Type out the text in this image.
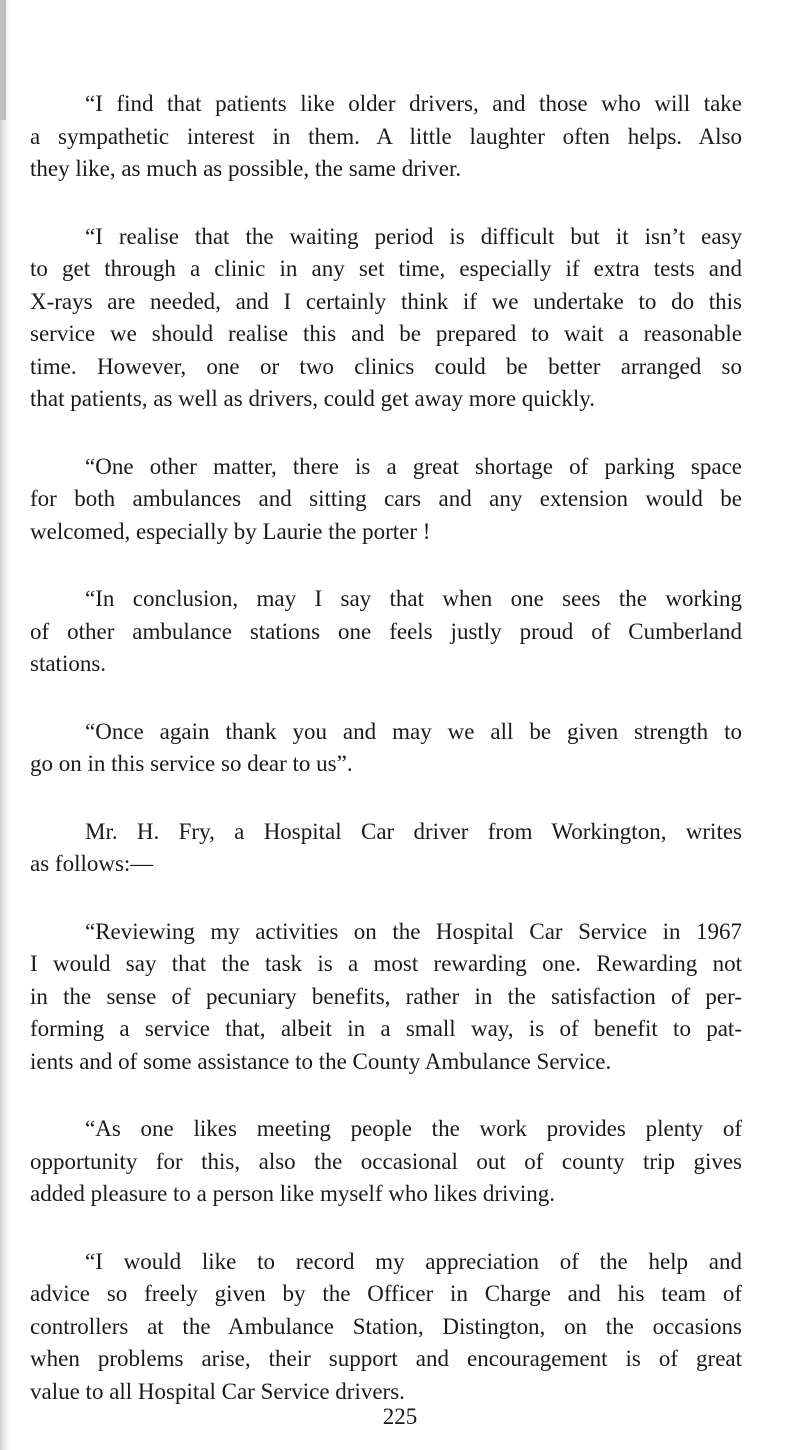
“I find that patients like older drivers, and those who will take
a sympathetic interest in them. A little laughter often helps. Also
they like, as much as possible, the same driver.

“I realise that the waiting period is difficult but it isn’t easy
to get through a clinic in any set time, especially if extra tests and
X-rays are needed, and I certainly think if we undertake to do this
service we should realise this and be prepared to wait a reasonable
time. However, one or two clinics could be better arranged so
that patients, as well as drivers, could get away more quickly.

“One other matter, there is a great shortage of parking space
for both ambulances and sitting cars and any extension would be
welcomed, especially by Laurie the porter !

“In conclusion, may I say that when one sees the working
of other ambulance stations one feels justly proud of Cumberland
stations.

“Once again thank you and may we all be given strength to
go on in this service so dear to us”.

Mr. H. Fry, a Hospital Car driver from Workington, writes
as follows:—

“Reviewing my activities on the Hospital Car Service in 1967
I would say that the task is a most rewarding one. Rewarding not
in the sense of pecuniary benefits, rather in the satisfaction of per-
forming a service that, albeit in a small way, is of benefit to pat-
ients and of some assistance to the County Ambulance Service.

“As one likes meeting people the work provides plenty of
opportunity for this, also the occasional out of county trip gives
added pleasure to a person like myself who likes driving.

“I would like to record my appreciation of the help and
advice so freely given by the Officer in Charge and his team of
controllers at the Ambulance Station, Distington, on the occasions
when problems arise, their support and encouragement is of great
value to all Hospital Car Service drivers.

225
